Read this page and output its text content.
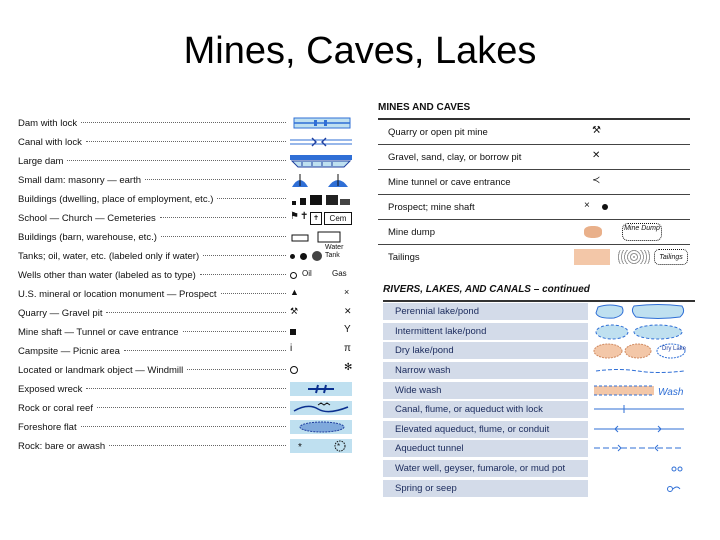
Mines, Caves, Lakes
Dam with lock
Canal with lock
Large dam
Small dam: masonry — earth
Buildings (dwelling, place of employment, etc.)
School — Church — Cemeteries	⚑ ✝ ✝	Cem
Buildings (barn, warehouse, etc.)
Tanks; oil, water, etc. (labeled only if water)
Water
Tank
Wells other than water (labeled as to type)	Oil	Gas
U.S. mineral or location monument — Prospect	▲	×
Quarry — Gravel pit	⚒	✕
Mine shaft — Tunnel or cave entrance	Y
Campsite — Picnic area	i	π
Located or landmark object — Windmill	✻
Exposed wreck
Rock or coral reef
Foreshore flat
Rock: bare or awash	*	*
MINES AND CAVES
Quarry or open pit mine	⚒
Gravel, sand, clay, or borrow pit	✕
Mine tunnel or cave entrance	≺
Prospect; mine shaft	×
Mine dump	Mine Dump
Tailings	Tailings
RIVERS, LAKES, AND CANALS – continued
Perennial lake/pond
Intermittent lake/pond
Dry lake/pond	Dry Lake
Narrow wash
Wide wash	Wash
Canal, flume, or aqueduct with lock
Elevated aqueduct, flume, or conduit
Aqueduct tunnel
Water well, geyser, fumarole, or mud pot
Spring or seep
